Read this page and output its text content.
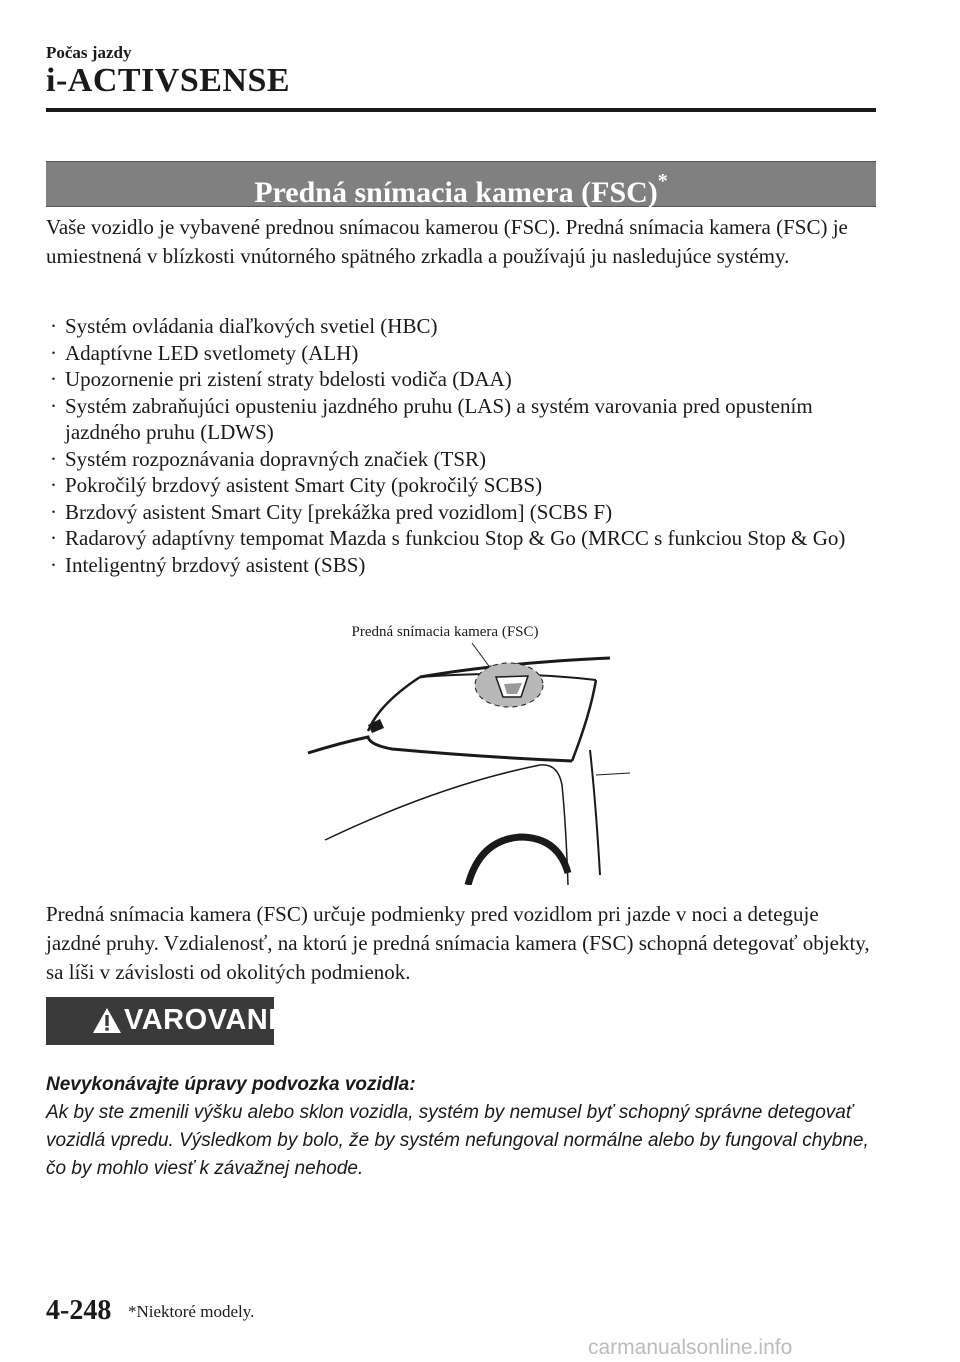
Počas jazdy
i-ACTIVSENSE
Predná snímacia kamera (FSC)*
Vaše vozidlo je vybavené prednou snímacou kamerou (FSC). Predná snímacia kamera (FSC) je umiestnená v blízkosti vnútorného spätného zrkadla a používajú ju nasledujúce systémy.
· Systém ovládania diaľkových svetiel (HBC)
· Adaptívne LED svetlomety (ALH)
· Upozornenie pri zistení straty bdelosti vodiča (DAA)
· Systém zabraňujúci opusteniu jazdného pruhu (LAS) a systém varovania pred opustením jazdného pruhu (LDWS)
· Systém rozpoznávania dopravných značiek (TSR)
· Pokročilý brzdový asistent Smart City (pokročilý SCBS)
· Brzdový asistent Smart City [prekážka pred vozidlom] (SCBS F)
· Radarový adaptívny tempomat Mazda s funkciou Stop & Go (MRCC s funkciou Stop & Go)
· Inteligentný brzdový asistent (SBS)
Predná snímacia kamera (FSC)
Predná snímacia kamera (FSC) určuje podmienky pred vozidlom pri jazde v noci a deteguje jazdné pruhy. Vzdialenosť, na ktorú je predná snímacia kamera (FSC) schopná detegovať objekty, sa líši v závislosti od okolitých podmienok.
VAROVANIE
Nevykonávajte úpravy podvozka vozidla:
Ak by ste zmenili výšku alebo sklon vozidla, systém by nemusel byť schopný správne detegovať vozidlá vpredu. Výsledkom by bolo, že by systém nefungoval normálne alebo by fungoval chybne, čo by mohlo viesť k závažnej nehode.
4-248 *Niektoré modely.
carmanualsonline.info
